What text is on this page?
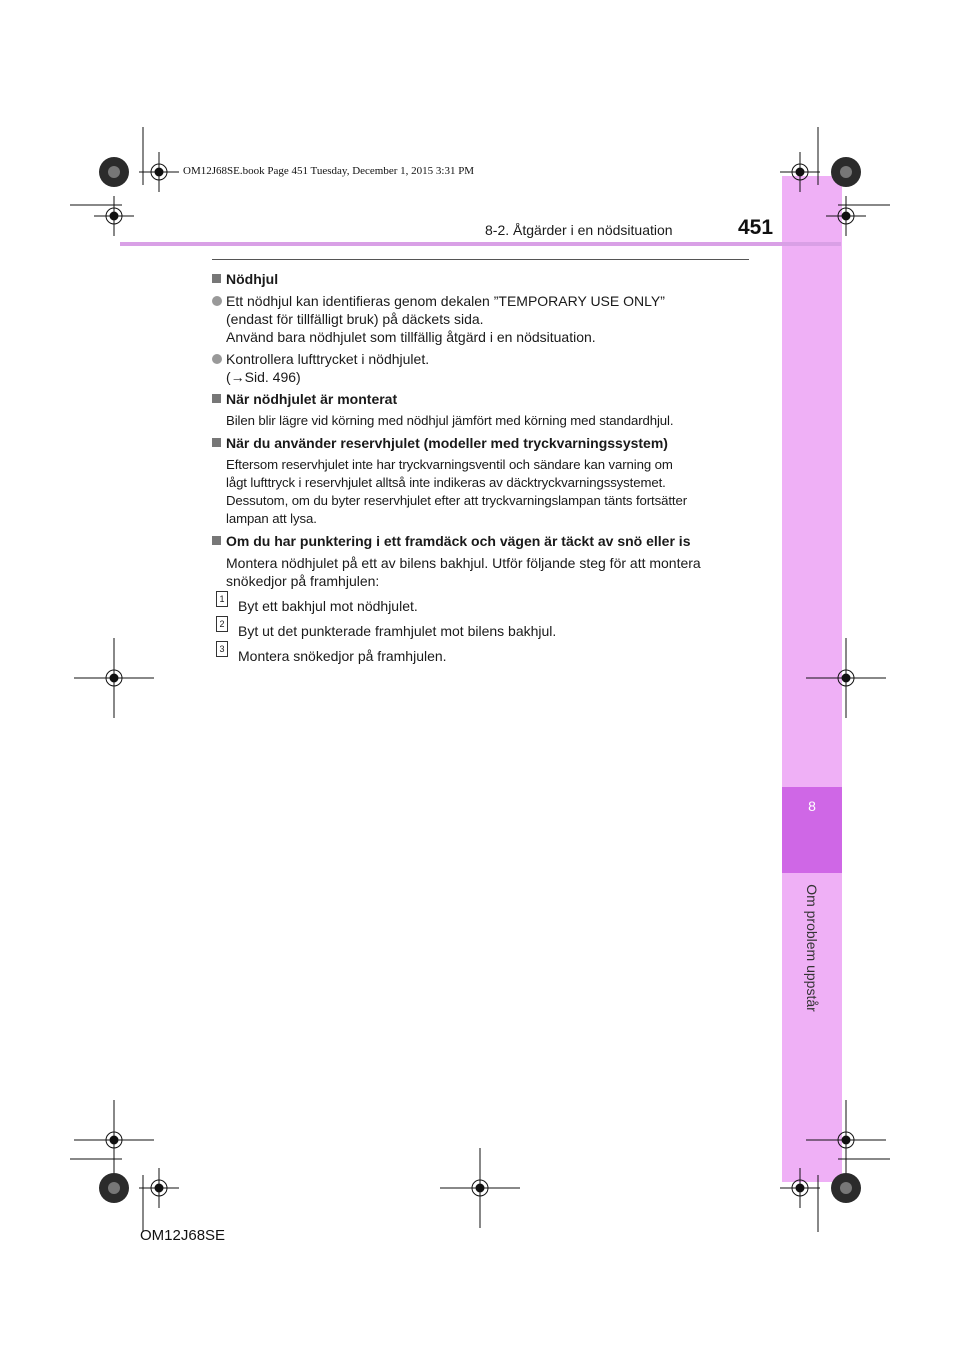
8
Om problem uppstår
OM12J68SE.book Page 451 Tuesday, December 1, 2015 3:31 PM
8-2. Åtgärder i en nödsituation	451
Nödhjul
Ett nödhjul kan identifieras genom dekalen ”TEMPORARY USE ONLY”
(endast för tillfälligt bruk) på däckets sida.
Använd bara nödhjulet som tillfällig åtgärd i en nödsituation.
Kontrollera lufttrycket i nödhjulet.
(→Sid. 496)
När nödhjulet är monterat
Bilen blir lägre vid körning med nödhjul jämfört med körning med standardhjul.
När du använder reservhjulet (modeller med tryckvarningssystem)
Eftersom reservhjulet inte har tryckvarningsventil och sändare kan varning om
lågt lufttryck i reservhjulet alltså inte indikeras av däcktryckvarningssystemet.
Dessutom, om du byter reservhjulet efter att tryckvarningslampan tänts fortsätter
lampan att lysa.
Om du har punktering i ett framdäck och vägen är täckt av snö eller is
Montera nödhjulet på ett av bilens bakhjul. Utför följande steg för att montera
snökedjor på framhjulen:
1 Byt ett bakhjul mot nödhjulet.
2 Byt ut det punkterade framhjulet mot bilens bakhjul.
3 Montera snökedjor på framhjulen.
OM12J68SE
